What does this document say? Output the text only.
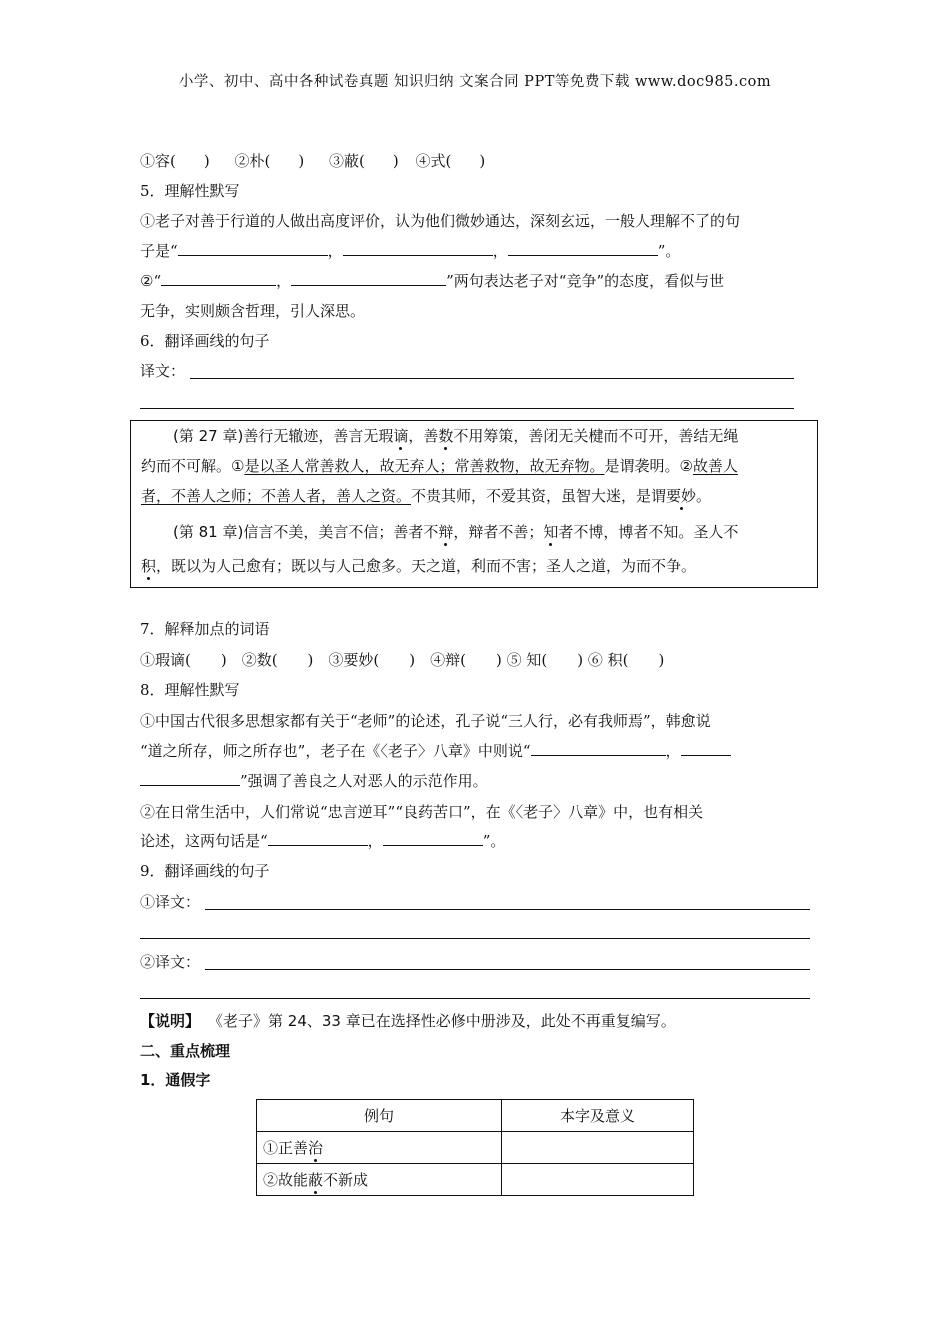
小学、初中、高中各种试卷真题 知识归纳 文案合同 PPT等免费下载 www.doc985.com
①容( ) ②朴( ) ③蔽( ) ④式( )
5．理解性默写
①老子对善于行道的人做出高度评价，认为他们微妙通达，深刻玄远，一般人理解不了的句
子是“	，	，	”。
②“	，	”两句表达老子对“竞争”的态度，看似与世
无争，实则颇含哲理，引人深思。
6．翻译画线的句子
译文：
(第 27 章)善行无辙迹，善言无瑕谪，善数不用筹策，善闭无关楗而不可开，善结无绳
约而不可解。①是以圣人常善救人，故无弃人；常善救物，故无弃物。是谓袭明。②故善人
者，不善人之师；不善人者，善人之资。不贵其师，不爱其资，虽智大迷，是谓要妙。
(第 81 章)信言不美，美言不信；善者不辩，辩者不善；知者不博，博者不知。圣人不
积，既以为人己愈有；既以与人己愈多。天之道，利而不害；圣人之道，为而不争。
7．解释加点的词语
①瑕谪(　　)　②数(　　)　③要妙(　　)　④辩(　　) ⑤ 知(　　) ⑥ 积(　　)
8．理解性默写
①中国古代很多思想家都有关于“老师”的论述，孔子说“三人行，必有我师焉”，韩愈说
“道之所存，师之所存也”，老子在《〈老子〉八章》中则说“	，
”强调了善良之人对恶人的示范作用。
②在日常生活中，人们常说“忠言逆耳”“良药苦口”，在《〈老子〉八章》中，也有相关
论述，这两句话是“	，	”。
9．翻译画线的句子
①译文：
②译文：
【说明】 《老子》第 24、33 章已在选择性必修中册涉及，此处不再重复编写。
二、重点梳理
1．通假字
例句	本字及意义
①正善治	
②故能蔽不新成	
